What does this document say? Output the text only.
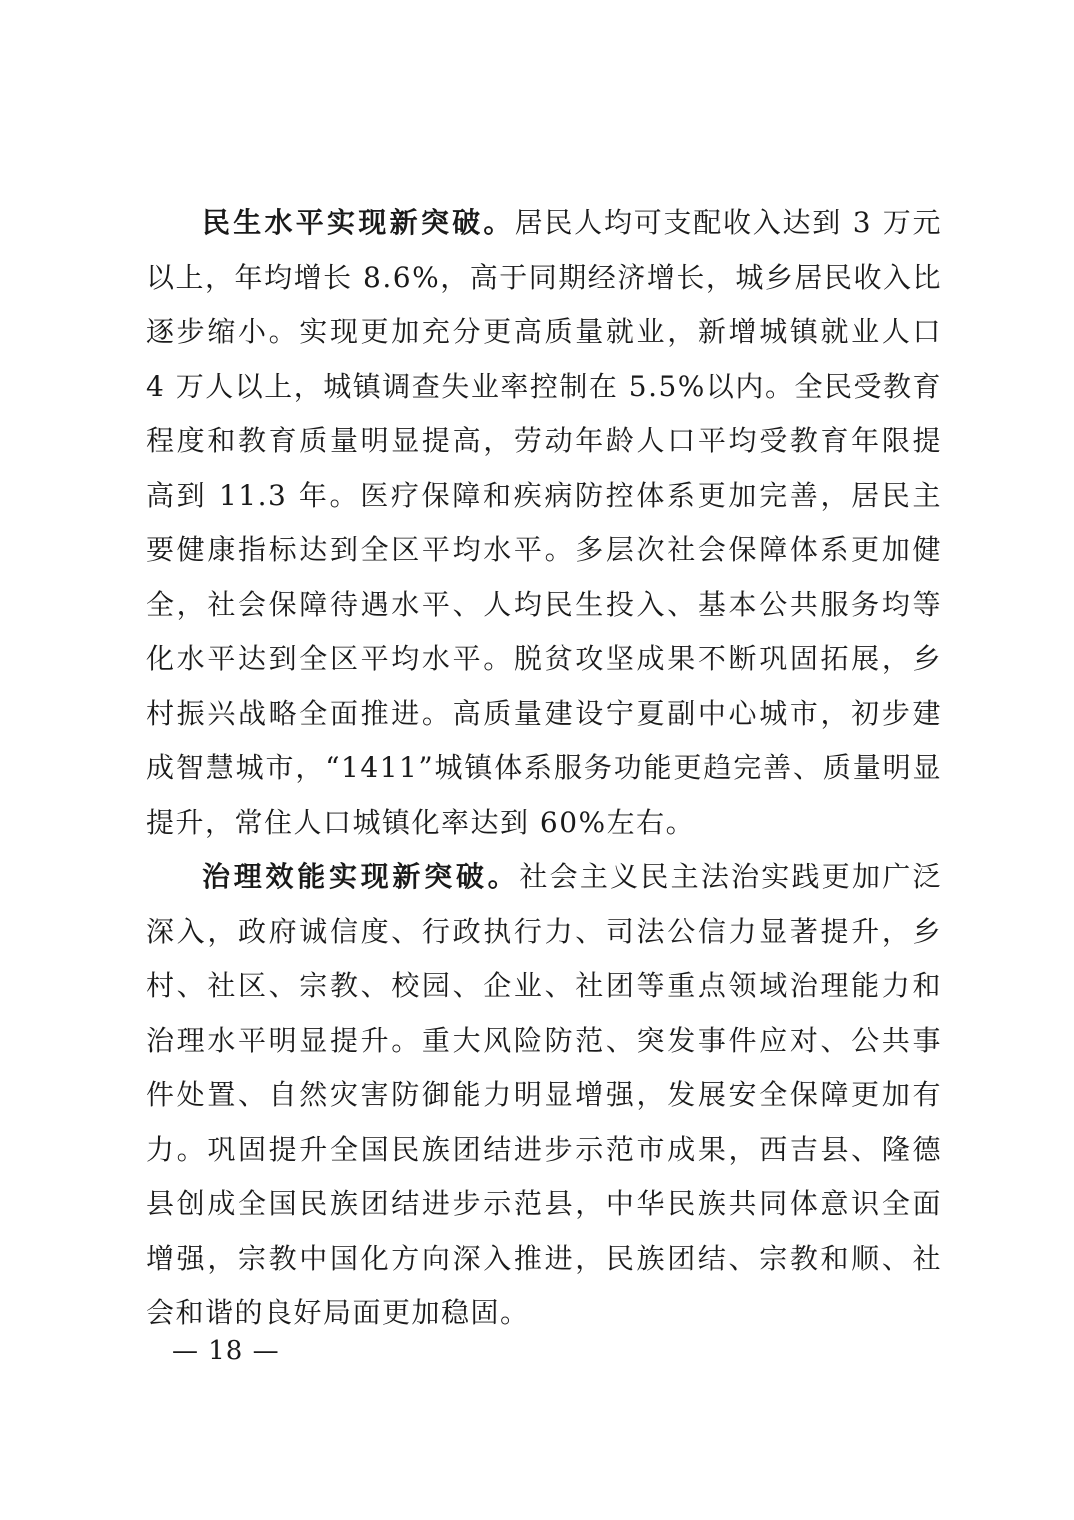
民生水平实现新突破。居民人均可支配收入达到 3 万元以上，年均增长 8.6%，高于同期经济增长，城乡居民收入比逐步缩小。实现更加充分更高质量就业，新增城镇就业人口 4 万人以上，城镇调查失业率控制在 5.5%以内。全民受教育程度和教育质量明显提高，劳动年龄人口平均受教育年限提高到 11.3 年。医疗保障和疾病防控体系更加完善，居民主要健康指标达到全区平均水平。多层次社会保障体系更加健全，社会保障待遇水平、人均民生投入、基本公共服务均等化水平达到全区平均水平。脱贫攻坚成果不断巩固拓展，乡村振兴战略全面推进。高质量建设宁夏副中心城市，初步建成智慧城市，“1411”城镇体系服务功能更趋完善、质量明显提升，常住人口城镇化率达到 60%左右。

治理效能实现新突破。社会主义民主法治实践更加广泛深入，政府诚信度、行政执行力、司法公信力显著提升，乡村、社区、宗教、校园、企业、社团等重点领域治理能力和治理水平明显提升。重大风险防范、突发事件应对、公共事件处置、自然灾害防御能力明显增强，发展安全保障更加有力。巩固提升全国民族团结进步示范市成果，西吉县、隆德县创成全国民族团结进步示范县，中华民族共同体意识全面增强，宗教中国化方向深入推进，民族团结、宗教和顺、社会和谐的良好局面更加稳固。

— 18 —
